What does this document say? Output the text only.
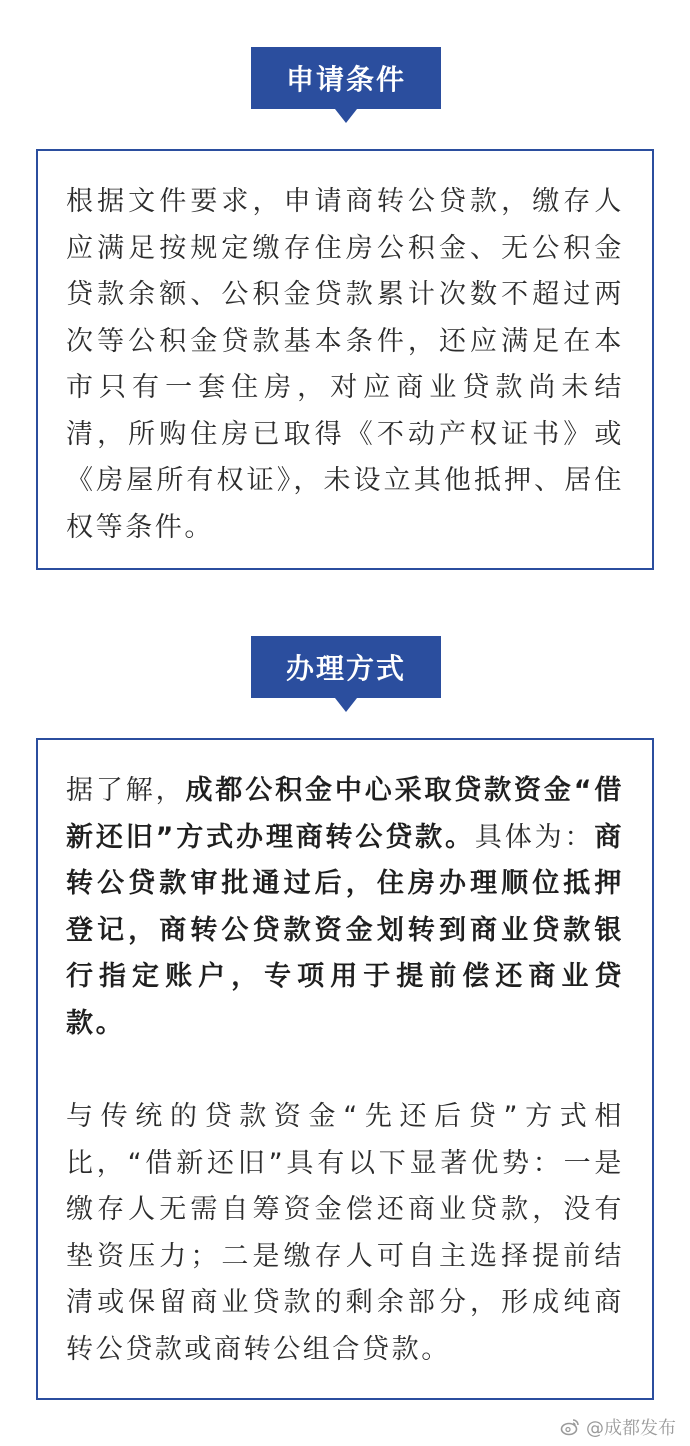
申请条件

根据文件要求，申请商转公贷款，缴存人应满足按规定缴存住房公积金、无公积金贷款余额、公积金贷款累计次数不超过两次等公积金贷款基本条件，还应满足在本市只有一套住房，对应商业贷款尚未结清，所购住房已取得《不动产权证书》或《房屋所有权证》，未设立其他抵押、居住权等条件。

办理方式

据了解，成都公积金中心采取贷款资金“借新还旧”方式办理商转公贷款。具体为：商转公贷款审批通过后，住房办理顺位抵押登记，商转公贷款资金划转到商业贷款银行指定账户，专项用于提前偿还商业贷款。

与传统的贷款资金“先还后贷”方式相比，“借新还旧”具有以下显著优势：一是缴存人无需自筹资金偿还商业贷款，没有垫资压力；二是缴存人可自主选择提前结清或保留商业贷款的剩余部分，形成纯商转公贷款或商转公组合贷款。

@成都发布
